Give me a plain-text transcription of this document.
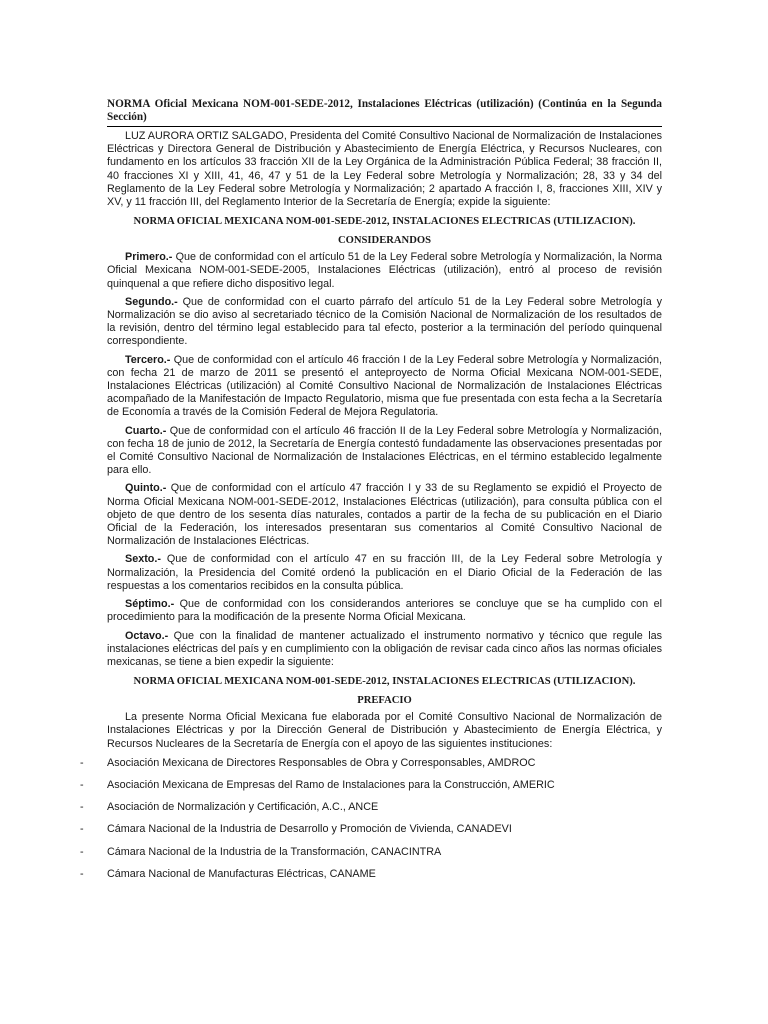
NORMA Oficial Mexicana NOM-001-SEDE-2012, Instalaciones Eléctricas (utilización) (Continúa en la Segunda Sección)

LUZ AURORA ORTIZ SALGADO, Presidenta del Comité Consultivo Nacional de Normalización de Instalaciones Eléctricas y Directora General de Distribución y Abastecimiento de Energía Eléctrica, y Recursos Nucleares, con fundamento en los artículos 33 fracción XII de la Ley Orgánica de la Administración Pública Federal; 38 fracción II, 40 fracciones XI y XIII, 41, 46, 47 y 51 de la Ley Federal sobre Metrología y Normalización; 28, 33 y 34 del Reglamento de la Ley Federal sobre Metrología y Normalización; 2 apartado A fracción I, 8, fracciones XIII, XIV y XV, y 11 fracción III, del Reglamento Interior de la Secretaría de Energía; expide la siguiente:

NORMA OFICIAL MEXICANA NOM-001-SEDE-2012, INSTALACIONES ELECTRICAS (UTILIZACION).
CONSIDERANDOS

Primero.- Que de conformidad con el artículo 51 de la Ley Federal sobre Metrología y Normalización, la Norma Oficial Mexicana NOM-001-SEDE-2005, Instalaciones Eléctricas (utilización), entró al proceso de revisión quinquenal a que refiere dicho dispositivo legal.

Segundo.- Que de conformidad con el cuarto párrafo del artículo 51 de la Ley Federal sobre Metrología y Normalización se dio aviso al secretariado técnico de la Comisión Nacional de Normalización de los resultados de la revisión, dentro del término legal establecido para tal efecto, posterior a la terminación del período quinquenal correspondiente.

Tercero.- Que de conformidad con el artículo 46 fracción I de la Ley Federal sobre Metrología y Normalización, con fecha 21 de marzo de 2011 se presentó el anteproyecto de Norma Oficial Mexicana NOM-001-SEDE, Instalaciones Eléctricas (utilización) al Comité Consultivo Nacional de Normalización de Instalaciones Eléctricas acompañado de la Manifestación de Impacto Regulatorio, misma que fue presentada con esta fecha a la Secretaría de Economía a través de la Comisión Federal de Mejora Regulatoria.

Cuarto.- Que de conformidad con el artículo 46 fracción II de la Ley Federal sobre Metrología y Normalización, con fecha 18 de junio de 2012, la Secretaría de Energía contestó fundadamente las observaciones presentadas por el Comité Consultivo Nacional de Normalización de Instalaciones Eléctricas, en el término establecido legalmente para ello.

Quinto.- Que de conformidad con el artículo 47 fracción I y 33 de su Reglamento se expidió el Proyecto de Norma Oficial Mexicana NOM-001-SEDE-2012, Instalaciones Eléctricas (utilización), para consulta pública con el objeto de que dentro de los sesenta días naturales, contados a partir de la fecha de su publicación en el Diario Oficial de la Federación, los interesados presentaran sus comentarios al Comité Consultivo Nacional de Normalización de Instalaciones Eléctricas.

Sexto.- Que de conformidad con el artículo 47 en su fracción III, de la Ley Federal sobre Metrología y Normalización, la Presidencia del Comité ordenó la publicación en el Diario Oficial de la Federación de las respuestas a los comentarios recibidos en la consulta pública.

Séptimo.- Que de conformidad con los considerandos anteriores se concluye que se ha cumplido con el procedimiento para la modificación de la presente Norma Oficial Mexicana.

Octavo.- Que con la finalidad de mantener actualizado el instrumento normativo y técnico que regule las instalaciones eléctricas del país y en cumplimiento con la obligación de revisar cada cinco años las normas oficiales mexicanas, se tiene a bien expedir la siguiente:

NORMA OFICIAL MEXICANA NOM-001-SEDE-2012, INSTALACIONES ELECTRICAS (UTILIZACION).
PREFACIO

La presente Norma Oficial Mexicana fue elaborada por el Comité Consultivo Nacional de Normalización de Instalaciones Eléctricas y por la Dirección General de Distribución y Abastecimiento de Energía Eléctrica, y Recursos Nucleares de la Secretaría de Energía con el apoyo de las siguientes instituciones:

- Asociación Mexicana de Directores Responsables de Obra y Corresponsables, AMDROC
- Asociación Mexicana de Empresas del Ramo de Instalaciones para la Construcción, AMERIC
- Asociación de Normalización y Certificación, A.C., ANCE
- Cámara Nacional de la Industria de Desarrollo y Promoción de Vivienda, CANADEVI
- Cámara Nacional de la Industria de la Transformación, CANACINTRA
- Cámara Nacional de Manufacturas Eléctricas, CANAME
